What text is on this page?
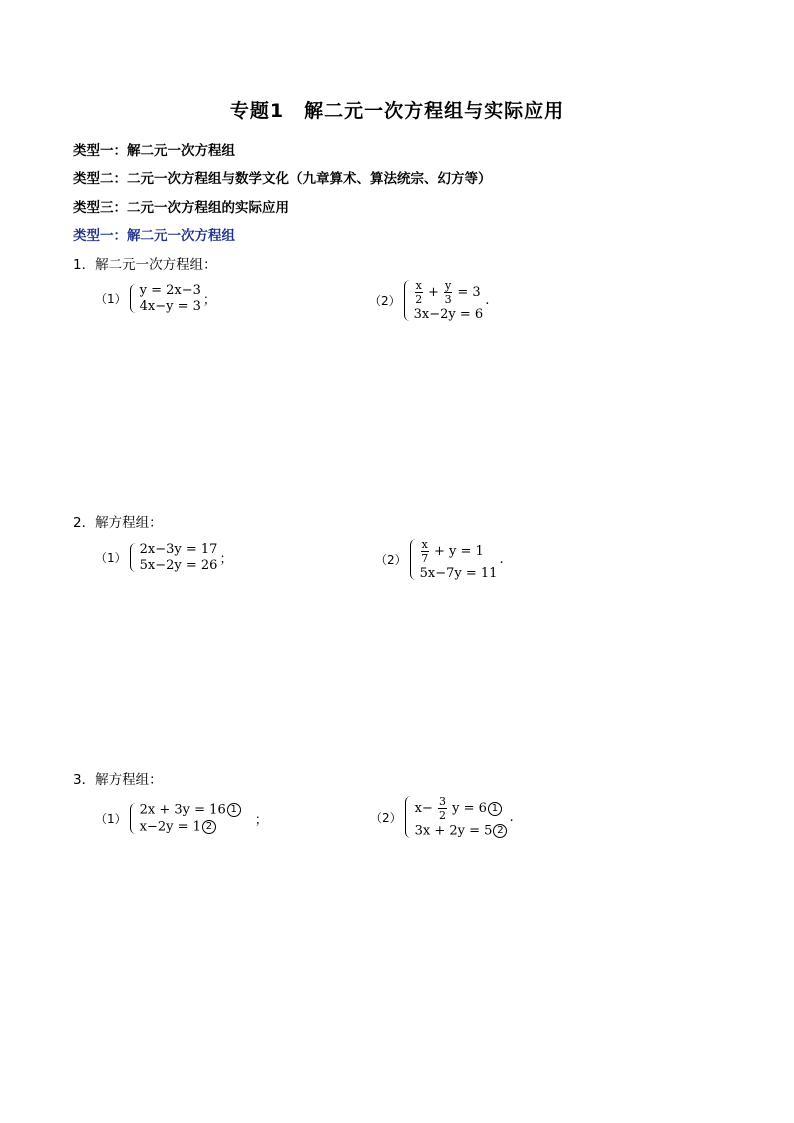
专题1　解二元一次方程组与实际应用
类型一：解二元一次方程组
类型二：二元一次方程组与数学文化（九章算术、算法统宗、幻方等）
类型三：二元一次方程组的实际应用
类型一：解二元一次方程组
1．解二元一次方程组：
（1）
y = 2x−3
4x−y = 3 ；	$(2) \frac{x}{2} + \frac{y}{3} = 3$
3x−2y = 6
.
2．解方程组：
（1）
2x−3y = 17
5x−2y = 26 ；	$(2) \frac{x}{7} + y = 1$
5x−7y = 11
.
3．解方程组：
（1）
2x + 3y = 16 1
x−2y = 1 2	；	（2）
$x- \frac{3}{2}$ y = 6 1
3x + 2y = 5 2
.
